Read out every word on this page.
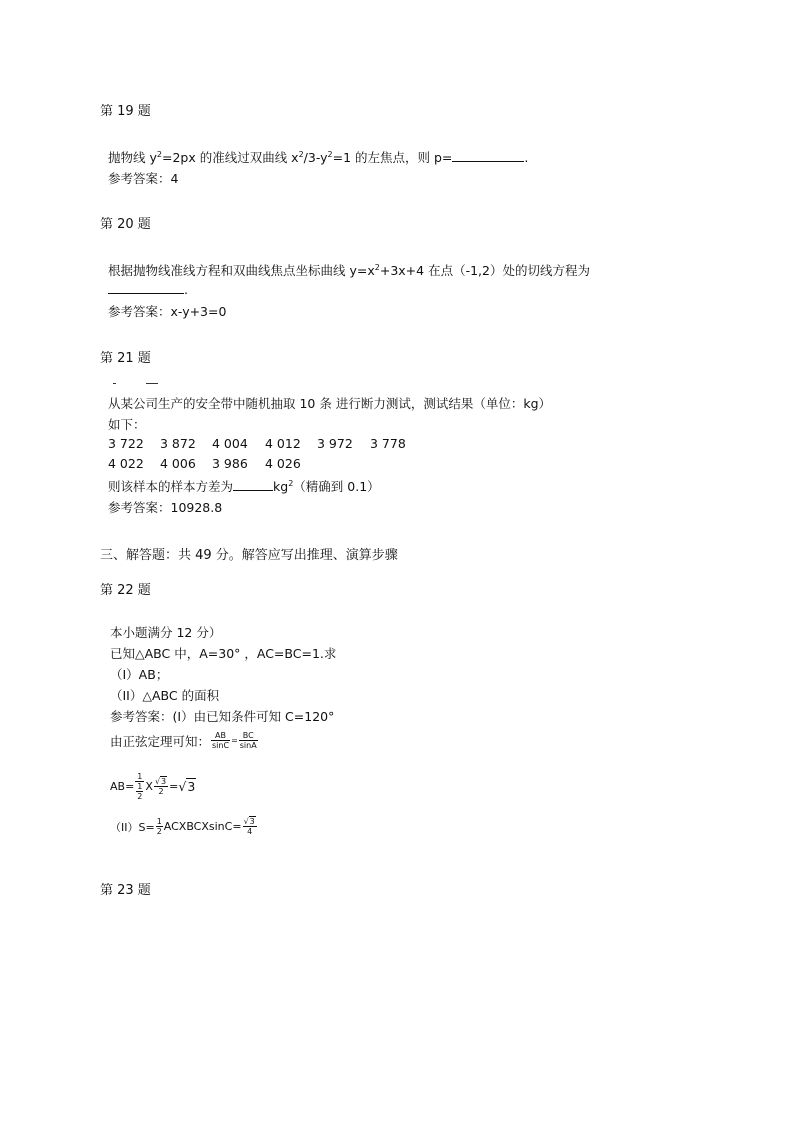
第 19 题
抛物线 $y^2=2px$ 的准线过双曲线 $x^2/3-y^2=1$ 的左焦点，则 p=	.
参考答案：4
第 20 题
根据抛物线准线方程和双曲线焦点坐标曲线 $y=x^2+3x+4$ 在点（-1,2）处的切线方程为
.
参考答案：x-y+3=0
第 21 题
从某公司生产的安全带中随机抽取 10 条 进行断力测试，测试结果（单位：kg）
如下：
3 722 3 872 4 004 4 012 3 972 3 778
4 022 4 006 3 986 4 026
则该样本的样本方差为	$kg^2$（精确到 0.1）
参考答案：10928.8
三、解答题：共 49 分。解答应写出推理、演算步骤
第 22 题
本小题满分 12 分）
已知△ABC 中，A=30° ，AC=BC=1.求
（I）AB；
（II）△ABC 的面积
参考答案：(I）由已知条件可知 C=120°
由正弦定理可知： $\frac{AB}{\sin C} = \frac{BC}{\sin A}$
$AB= \frac{1}{\frac{1}{2}}$ X $\frac{√3}{2} = √3$
$(II)S= \frac{1}{2}$ ACXBCXsinC= $\frac{√3}{4}$
第 23 题
